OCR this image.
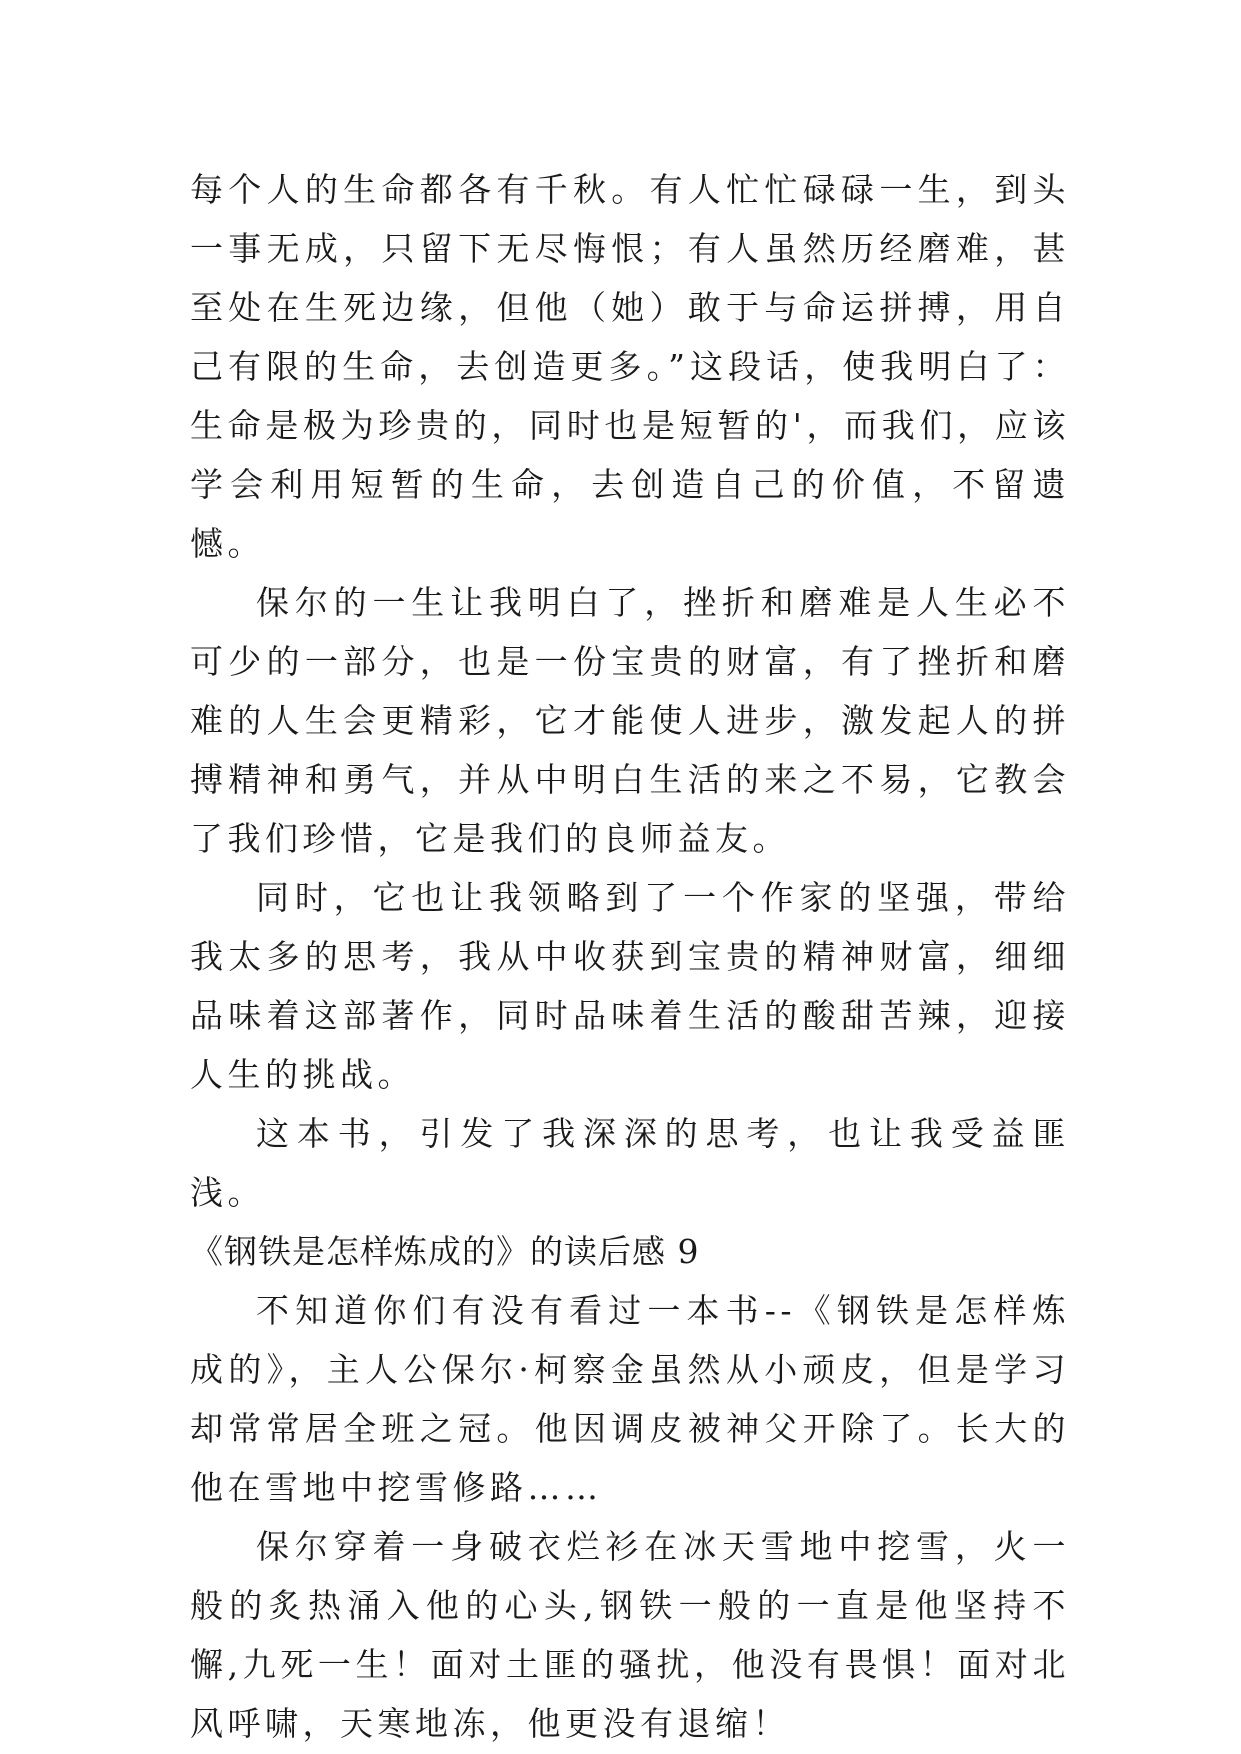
每个人的生命都各有千秋。有人忙忙碌碌一生，到头一事无成，只留下无尽悔恨；有人虽然历经磨难，甚至处在生死边缘，但他（她）敢于与命运拼搏，用自己有限的生命，去创造更多。”这段话，使我明白了：生命是极为珍贵的，同时也是短暂的'，而我们，应该学会利用短暂的生命，去创造自己的价值，不留遗憾。

保尔的一生让我明白了，挫折和磨难是人生必不可少的一部分，也是一份宝贵的财富，有了挫折和磨难的人生会更精彩，它才能使人进步，激发起人的拼搏精神和勇气，并从中明白生活的来之不易，它教会了我们珍惜，它是我们的良师益友。

同时，它也让我领略到了一个作家的坚强，带给我太多的思考，我从中收获到宝贵的精神财富，细细品味着这部著作，同时品味着生活的酸甜苦辣，迎接人生的挑战。

这本书，引发了我深深的思考，也让我受益匪浅。

《钢铁是怎样炼成的》的读后感 9

不知道你们有没有看过一本书--《钢铁是怎样炼成的》，主人公保尔·柯察金虽然从小顽皮，但是学习却常常居全班之冠。他因调皮被神父开除了。长大的他在雪地中挖雪修路……

保尔穿着一身破衣烂衫在冰天雪地中挖雪，火一般的炙热涌入他的心头,钢铁一般的一直是他坚持不懈,九死一生！面对土匪的骚扰，他没有畏惧！面对北风呼啸，天寒地冻，他更没有退缩！
